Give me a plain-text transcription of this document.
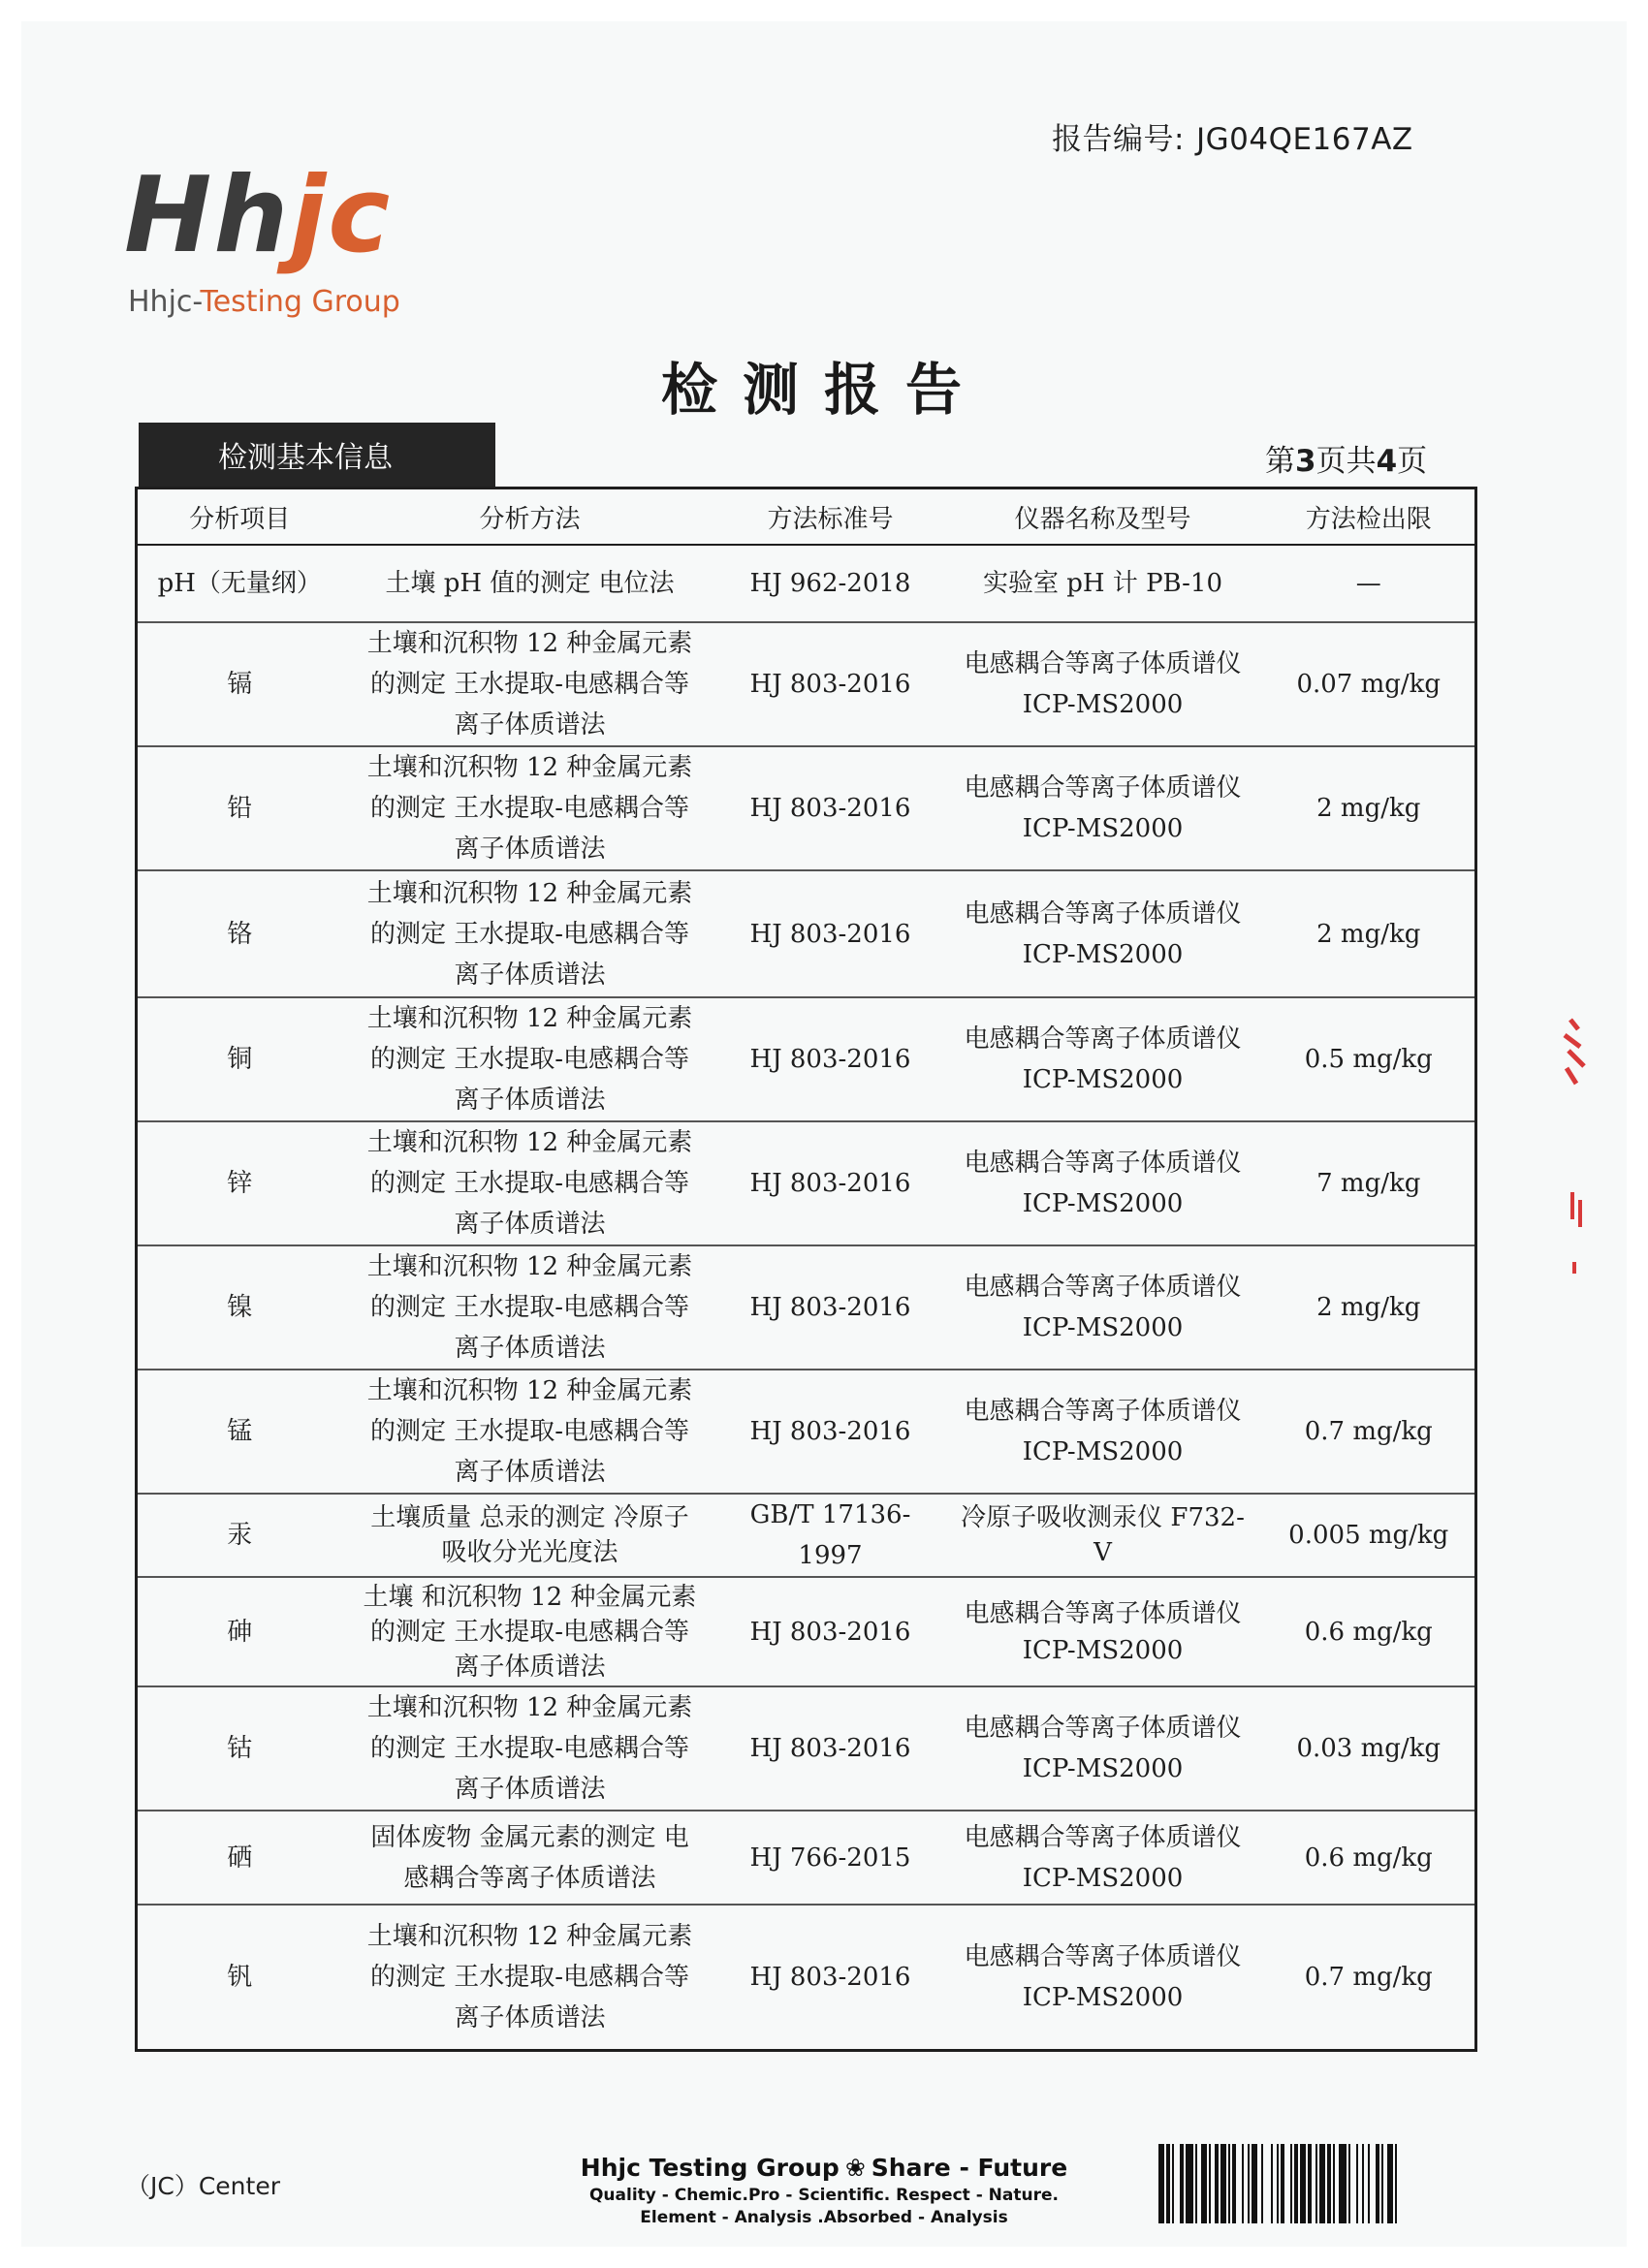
报告编号: JG04QE167AZ
Hhjc
Hhjc-Testing Group
检测报告
检测基本信息	第3页共4页
分析项目	分析方法	方法标准号	仪器名称及型号	方法检出限
pH（无量纲）	土壤 pH 值的测定 电位法	HJ 962-2018	实验室 pH 计 PB-10	—
镉	土壤和沉积物 12 种金属元素的测定 王水提取-电感耦合等离子体质谱法	HJ 803-2016	电感耦合等离子体质谱仪 ICP-MS2000	0.07 mg/kg
铅	土壤和沉积物 12 种金属元素的测定 王水提取-电感耦合等离子体质谱法	HJ 803-2016	电感耦合等离子体质谱仪 ICP-MS2000	2 mg/kg
铬	土壤和沉积物 12 种金属元素的测定 王水提取-电感耦合等离子体质谱法	HJ 803-2016	电感耦合等离子体质谱仪 ICP-MS2000	2 mg/kg
铜	土壤和沉积物 12 种金属元素的测定 王水提取-电感耦合等离子体质谱法	HJ 803-2016	电感耦合等离子体质谱仪 ICP-MS2000	0.5 mg/kg
锌	土壤和沉积物 12 种金属元素的测定 王水提取-电感耦合等离子体质谱法	HJ 803-2016	电感耦合等离子体质谱仪 ICP-MS2000	7 mg/kg
镍	土壤和沉积物 12 种金属元素的测定 王水提取-电感耦合等离子体质谱法	HJ 803-2016	电感耦合等离子体质谱仪 ICP-MS2000	2 mg/kg
锰	土壤和沉积物 12 种金属元素的测定 王水提取-电感耦合等离子体质谱法	HJ 803-2016	电感耦合等离子体质谱仪 ICP-MS2000	0.7 mg/kg
汞	土壤质量 总汞的测定 冷原子吸收分光光度法	GB/T 17136-1997	冷原子吸收测汞仪 F732-V	0.005 mg/kg
砷	土壤 和沉积物 12 种金属元素的测定 王水提取-电感耦合等离子体质谱法	HJ 803-2016	电感耦合等离子体质谱仪 ICP-MS2000	0.6 mg/kg
钴	土壤和沉积物 12 种金属元素的测定 王水提取-电感耦合等离子体质谱法	HJ 803-2016	电感耦合等离子体质谱仪 ICP-MS2000	0.03 mg/kg
硒	固体废物 金属元素的测定 电感耦合等离子体质谱法	HJ 766-2015	电感耦合等离子体质谱仪 ICP-MS2000	0.6 mg/kg
钒	土壤和沉积物 12 种金属元素的测定 王水提取-电感耦合等离子体质谱法	HJ 803-2016	电感耦合等离子体质谱仪 ICP-MS2000	0.7 mg/kg
（JC）Center
Hhjc Testing Group ❀ Share - Future
Quality - Chemic.Pro - Scientific. Respect - Nature.
Element - Analysis .Absorbed - Analysis
